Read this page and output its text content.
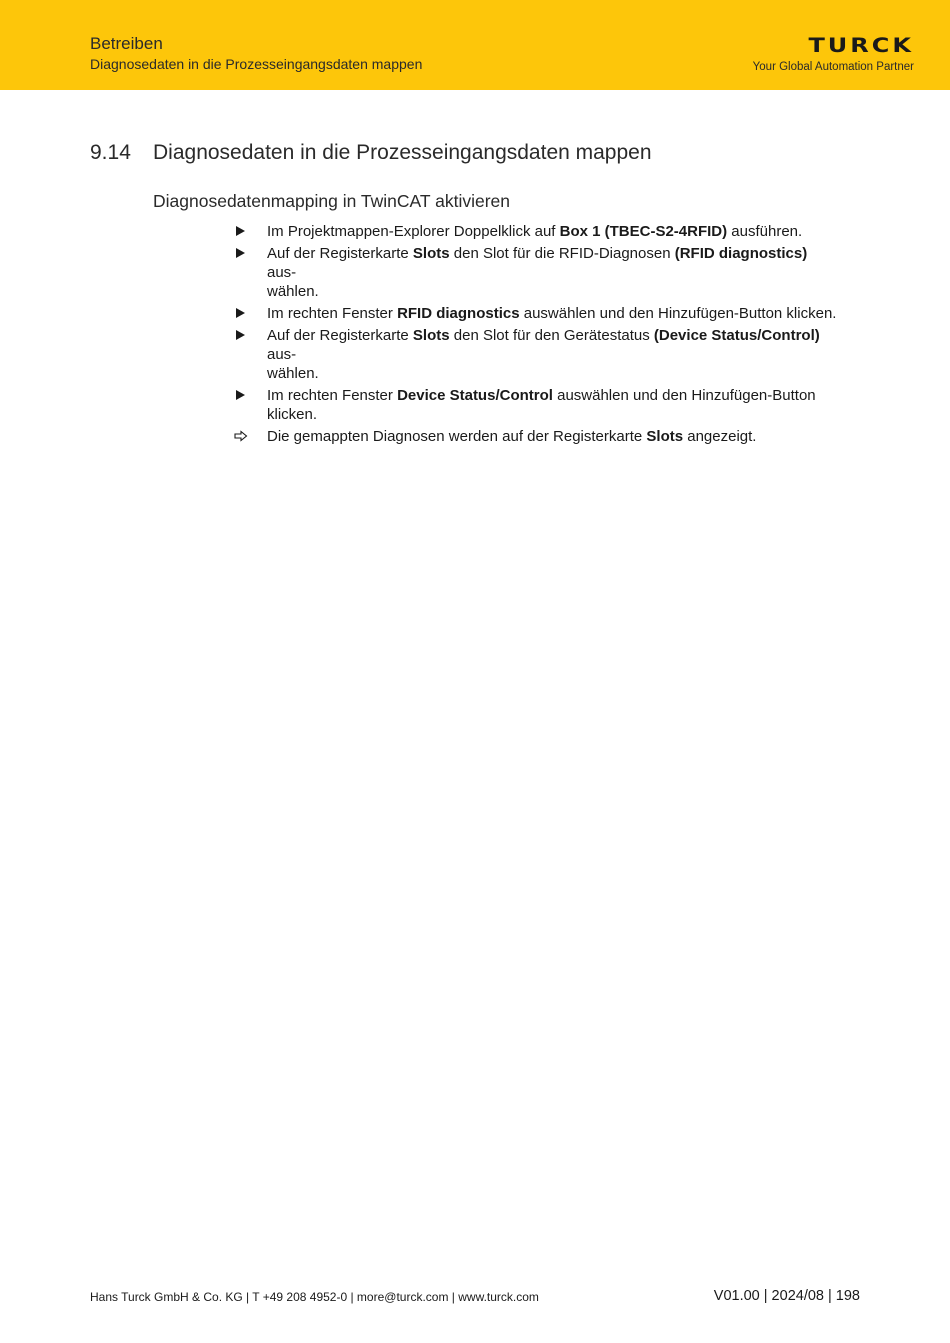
Betreiben
Diagnosedaten in die Prozesseingangsdaten mappen
TURCK
Your Global Automation Partner
9.14 Diagnosedaten in die Prozesseingangsdaten mappen
Diagnosedatenmapping in TwinCAT aktivieren
Im Projektmappen-Explorer Doppelklick auf Box 1 (TBEC-S2-4RFID) ausführen.
Auf der Registerkarte Slots den Slot für die RFID-Diagnosen (RFID diagnostics) aus-
wählen.
Im rechten Fenster RFID diagnostics auswählen und den Hinzufügen-Button klicken.
Auf der Registerkarte Slots den Slot für den Gerätestatus (Device Status/Control) aus-
wählen.
Im rechten Fenster Device Status/Control auswählen und den Hinzufügen-Button
klicken.
Die gemappten Diagnosen werden auf der Registerkarte Slots angezeigt.
Hans Turck GmbH & Co. KG | T +49 208 4952-0 | more@turck.com | www.turck.com	V01.00 | 2024/08 | 198
